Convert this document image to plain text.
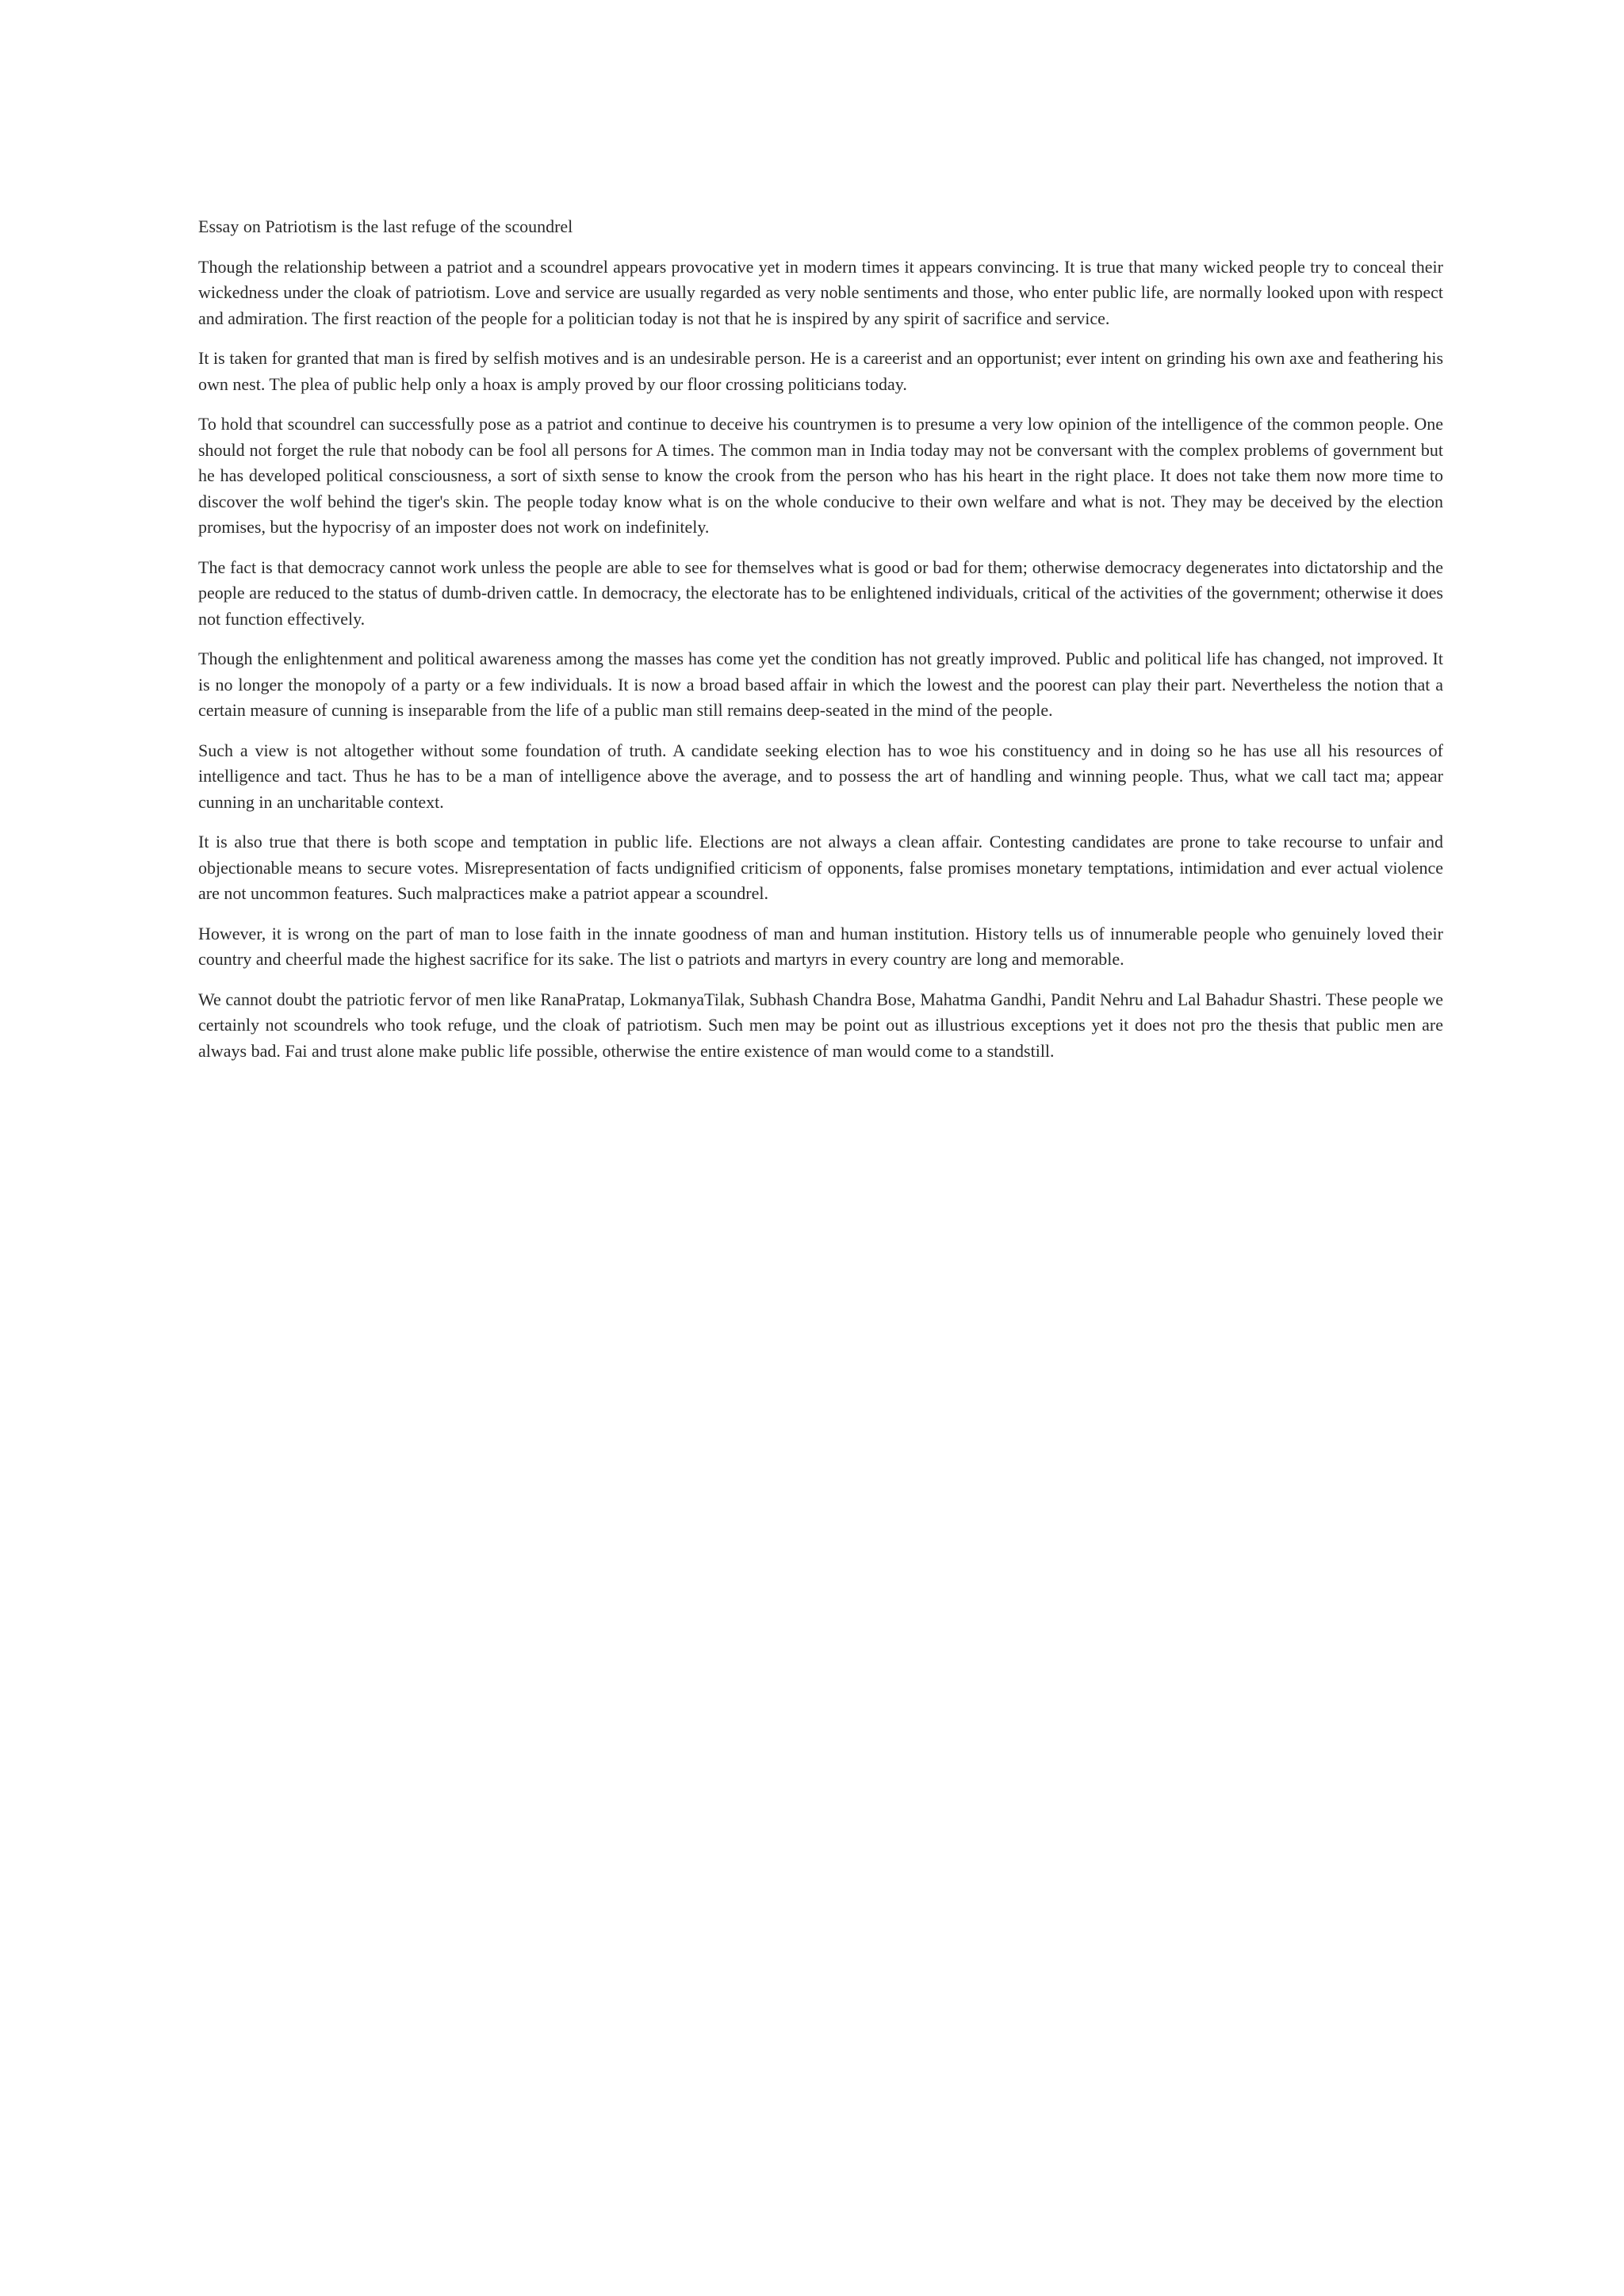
Essay on Patriotism is the last refuge of the scoundrel

Though the relationship between a patriot and a scoundrel appears provocative yet in modern times it appears convincing. It is true that many wicked people try to conceal their wickedness under the cloak of patriotism. Love and service are usually regarded as very noble sentiments and those, who enter public life, are normally looked upon with respect and admiration. The first reaction of the people for a politician today is not that he is inspired by any spirit of sacrifice and service.

It is taken for granted that man is fired by selfish motives and is an undesirable person. He is a careerist and an opportunist; ever intent on grinding his own axe and feathering his own nest. The plea of public help only a hoax is amply proved by our floor crossing politicians today.

To hold that scoundrel can successfully pose as a patriot and continue to deceive his countrymen is to presume a very low opinion of the intelligence of the common people. One should not forget the rule that nobody can be fool all persons for A times. The common man in India today may not be conversant with the complex problems of government but he has developed political consciousness, a sort of sixth sense to know the crook from the person who has his heart in the right place. It does not take them now more time to discover the wolf behind the tiger's skin. The people today know what is on the whole conducive to their own welfare and what is not. They may be deceived by the election promises, but the hypocrisy of an imposter does not work on indefinitely.

The fact is that democracy cannot work unless the people are able to see for themselves what is good or bad for them; otherwise democracy degenerates into dictatorship and the people are reduced to the status of dumb-driven cattle. In democracy, the electorate has to be enlightened individuals, critical of the activities of the government; otherwise it does not function effectively.

Though the enlightenment and political awareness among the masses has come yet the condition has not greatly improved. Public and political life has changed, not improved. It is no longer the monopoly of a party or a few individuals. It is now a broad based affair in which the lowest and the poorest can play their part. Nevertheless the notion that a certain measure of cunning is inseparable from the life of a public man still remains deep-seated in the mind of the people.

Such a view is not altogether without some foundation of truth. A candidate seeking election has to woe his constituency and in doing so he has use all his resources of intelligence and tact. Thus he has to be a man of intelligence above the average, and to possess the art of handling and winning people. Thus, what we call tact ma; appear cunning in an uncharitable context.

It is also true that there is both scope and temptation in public life. Elections are not always a clean affair. Contesting candidates are prone to take recourse to unfair and objectionable means to secure votes. Misrepresentation of facts undignified criticism of opponents, false promises monetary temptations, intimidation and ever actual violence are not uncommon features. Such malpractices make a patriot appear a scoundrel.

However, it is wrong on the part of man to lose faith in the innate goodness of man and human institution. History tells us of innumerable people who genuinely loved their country and cheerful made the highest sacrifice for its sake. The list o patriots and martyrs in every country are long and memorable.

We cannot doubt the patriotic fervor of men like RanaPratap, LokmanyaTilak, Subhash Chandra Bose, Mahatma Gandhi, Pandit Nehru and Lal Bahadur Shastri. These people we certainly not scoundrels who took refuge, und the cloak of patriotism. Such men may be point out as illustrious exceptions yet it does not pro the thesis that public men are always bad. Fai and trust alone make public life possible, otherwise the entire existence of man would come to a standstill.
